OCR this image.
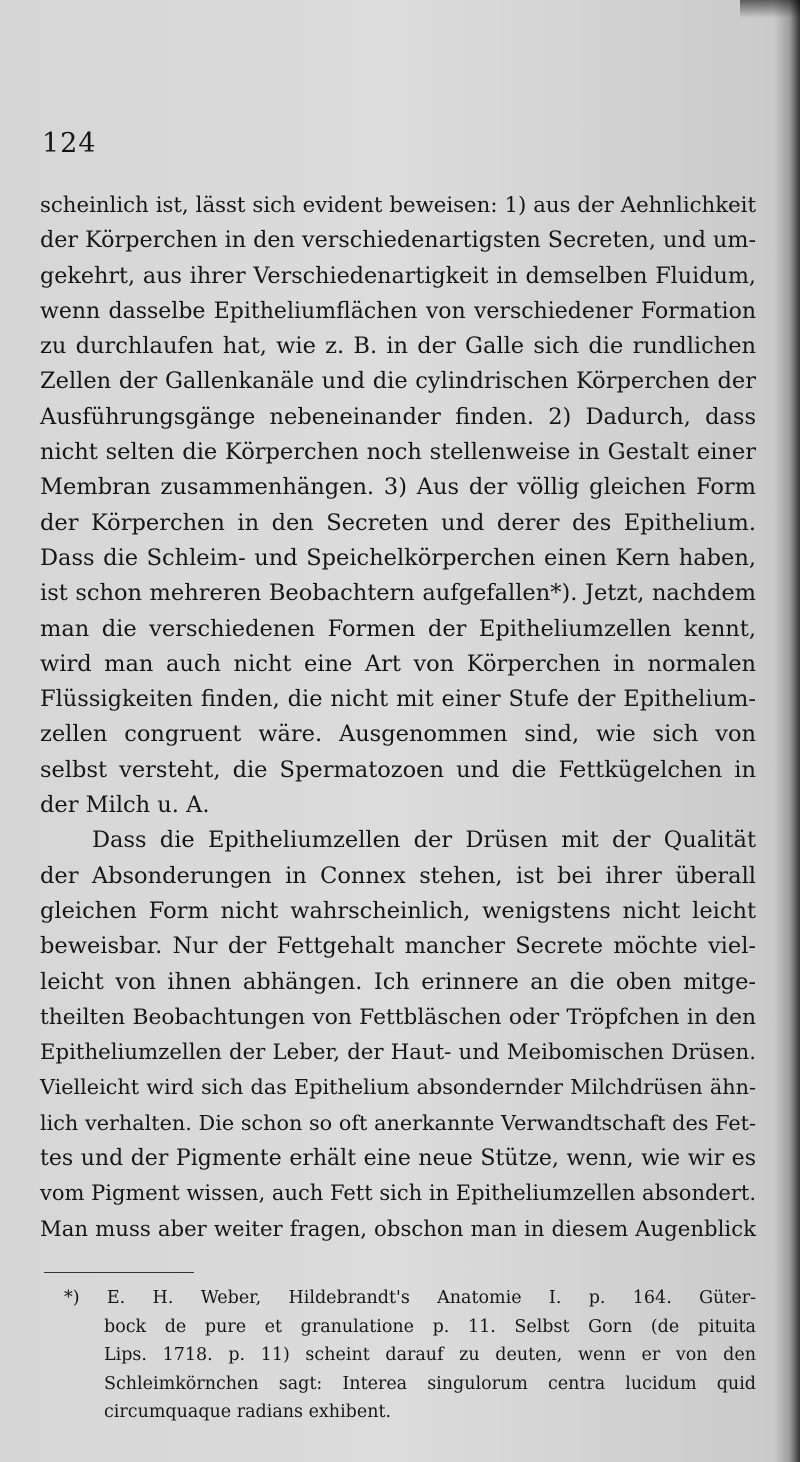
124
scheinlich ist, lässt sich evident beweisen: 1) aus der Aehnlichkeit
der Körperchen in den verschiedenartigsten Secreten, und um-
gekehrt, aus ihrer Verschiedenartigkeit in demselben Fluidum,
wenn dasselbe Epitheliumflächen von verschiedener Formation
zu durchlaufen hat, wie z. B. in der Galle sich die rundlichen
Zellen der Gallenkanäle und die cylindrischen Körperchen der
Ausführungsgänge nebeneinander finden. 2) Dadurch, dass
nicht selten die Körperchen noch stellenweise in Gestalt einer
Membran zusammenhängen. 3) Aus der völlig gleichen Form
der Körperchen in den Secreten und derer des Epithelium.
Dass die Schleim- und Speichelkörperchen einen Kern haben,
ist schon mehreren Beobachtern aufgefallen*). Jetzt, nachdem
man die verschiedenen Formen der Epitheliumzellen kennt,
wird man auch nicht eine Art von Körperchen in normalen
Flüssigkeiten finden, die nicht mit einer Stufe der Epithelium-
zellen congruent wäre. Ausgenommen sind, wie sich von
selbst versteht, die Spermatozoen und die Fettkügelchen in
der Milch u. A.
Dass die Epitheliumzellen der Drüsen mit der Qualität
der Absonderungen in Connex stehen, ist bei ihrer überall
gleichen Form nicht wahrscheinlich, wenigstens nicht leicht
beweisbar. Nur der Fettgehalt mancher Secrete möchte viel-
leicht von ihnen abhängen. Ich erinnere an die oben mitge-
theilten Beobachtungen von Fettbläschen oder Tröpfchen in den
Epitheliumzellen der Leber, der Haut- und Meibomischen Drüsen.
Vielleicht wird sich das Epithelium absondernder Milchdrüsen ähn-
lich verhalten. Die schon so oft anerkannte Verwandtschaft des Fet-
tes und der Pigmente erhält eine neue Stütze, wenn, wie wir es
vom Pigment wissen, auch Fett sich in Epitheliumzellen absondert.
Man muss aber weiter fragen, obschon man in diesem Augenblick
*) E. H. Weber, Hildebrandt's Anatomie I. p. 164. Güter-
bock de pure et granulatione p. 11. Selbst Gorn (de pituita
Lips. 1718. p. 11) scheint darauf zu deuten, wenn er von den
Schleimkörnchen sagt: Interea singulorum centra lucidum quid
circumquaque radians exhibent.
